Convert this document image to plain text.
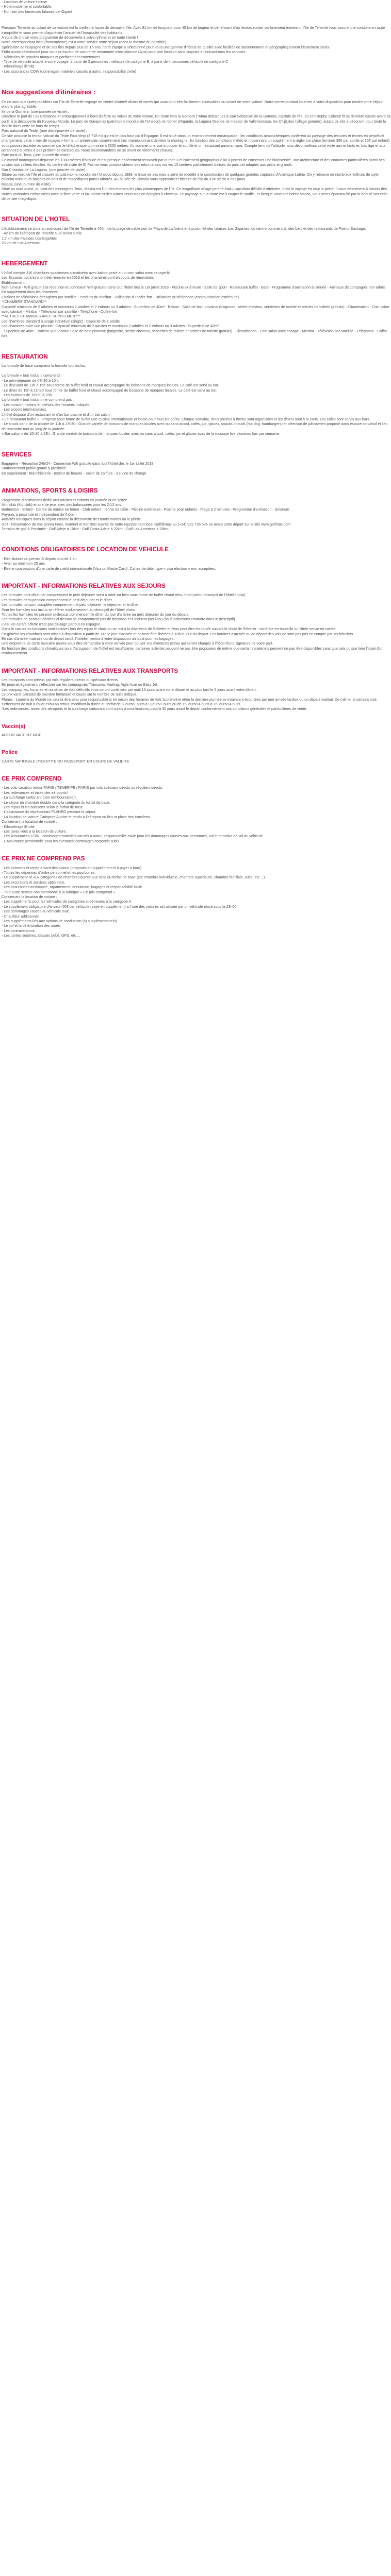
- Location de voiture incluse

- Hôtel moderne et confortable.

- Non loin des fameuses falaises del Gigant

Parcourir Tenerife au volant de sa voiture est la meilleure façon de découvrir l'île. Avec 81 km de longueur pour 45 km de largeur et bénéficiant d'un réseau routier parfaitement entretenu, l'île de Tenerife vous assure une conduite en toute tranquillité et vous permet d'apprécier l'accueil et l'hospitalité des habitants.

A vous de choisir votre programme de découverte à votre rythme et en toute liberté !

Notre correspondant local (francophone) est à votre service votre séjour (dans la mesure du possible).

Spécialiste de l'Espagne et de ses îles depuis plus de 15 ans, notre équipe a sélectionné pour vous une gamme d'hôtels de qualité avec facilités de stationnement et géographiquement idéalement situés.

Enfin avons sélectionné pour vous un loueur de voiture de renommée internationale (Avis) pour une location sans surprise et incluant tous les services :

- Véhicules de grandes marques et parfaitement entretenues

- Type de véhicule adapté à votre voyage: à partir de 3 personnes : véhicule de catégorie B, à partir de 4 personnes véhicule de catégorie C

- Kilométrage illimité

- Les assurances CDW (dommages matériels causés à autrui, responsabilité civile)

Nos suggestions d'itinéraires :

Ce ne sont que quelques idées car l'île de Tenerife regorge de centre d'intérêt divers et variés qui vous sont très facilement accessibles au volant de votre voiture. Notre correspondant local est à votre disposition pour rendre votre séjour encore plus agréable.

Ile de la Gomera, (une journée de visite) :

Direction le port de Los Cristianos et embarquement à bord du ferry ou volant de votre voiture. En route vers la Gomera ("Ahuu débarquez à San Sebastian de la Gomera, capitale de l'île, où Christophe Colomb fit sa dernière escale avant de partir à la découverte du Nouveau Monde. Le parc de Garajonay (patrimoine mondial de l'Unesco), le rocher d'Agando, la Laguna Grande, le mirador de Vallehermoso, les Chijitijitos (village gomero), autant de site à découvrir pour toute la famille dans cette île hors du temps.

Parc national du Teide, (une demi-journée de visite) :

Ce site propose la terrain volcan du Teide Pico Viejo (3 718 m) qui est le plus haut pic d'Espagne. Il est situé dans un environnement remarquable : les conditions atmosphériques confèrent au paysage des textures et teintes en perpétuel changement, cette « mer de nuages » forme un arrière-plan visuellement très impressionnant derrière la montagne. En fonction des conditions météo et moyennant un supplément à régler sur place (environ 30€ par adulte et 15€ par enfant), vous pouvez accéder au sommet par le téléphérique qui monte à 3600 mètres. Au sommet une vue à couper le souffle et un restaurant panoramique. Compte tenu de l'altitude nous déconseillons cette visite aux enfants en bas âge et aux personnes sujettes à des problèmes cardiaques. Nous recommandons de se munir de vêtements chauds.

Parc rural du Teno, (une journée de visite) :

Ce massif montagneux dépasse les 1300 mètres d'altitude et est presque entièrement recouvert par la mer. Cet isolement géographique lui a permis de conserver une biodiversité, une architecture et des coutumes particulières parmi ses voisins aux vallées étroites. Au centre de visite de El Palmar vous pourrez obtenir des informations sur les 13 sentiers parfaitement balisés du parc cet adaptés aux petits et grands.

San Cristobal de La Laguna, (une journée de visite) :

Située au nord de l'île et classée au patrimoine mondial de l'Unesco depuis 1999, le tracé de ses rues a servi de modèle à la construction de quelques grandes capitales d'Amérique Latine. On y retrouve de nombreux édifices de style colonial avec leurs balcons en bois et de magnifiques patios arborés. Au Musée de Historia vous apprendrez l'histoire de l'île du XVe siècle à nos jours.

Masca, (une journée de visite) :

Situé au nord ouest, au pied des montagnes Teno, Masca est l'un des endroits les plus pittoresques de l'île. Ce magnifique village perché était jusqu'alors difficile à atteindre, mais le voyage en vaut la peine. Il vous emmènera à travers des routes profondes embrassées avec la flore verte et luxuriante et des ruines sinueuses en épingles à cheveux. Le paysage sur la route est à couper le souffle, et lorsque vous atteindrez Masca, vous serez époustouflé par la beauté naturelle de ce site magnifique.

SITUATION DE L'HOTEL

L'établissement se situe au sud-ouest de l'île de Tenerife à 400m de la plage de sable noir de Playa de La Arena et à proximité des falaises Los Gigantes, du centre commercial, des bars et des restaurants de Puerto Santiago.

- 42 km de l'aéroport de Tenerife Sud Reina Sofia

1,2 km des Falaises Los Gigantes

25 km de Los Americas

HEBERGEMENT

L'hôtel compte 316 chambres spacieuses climatisées avec balcon privé et un coin salon avec canapé-lit.

Les Espaces communs ont été rénovés en 2018 et les chambres sont en cours de rénovation.

Etablissement :

Non-fumeur - Wifi gratuit à la réception et connexion Wifi gratuite dans tout l'hôtel dès le 1er juillet 2018 - Piscine extérieure - Salle de sport - Restaurant buffet - Bars - Programme d'animation à l'année - Animaux de compagnie non admis

En supplément dans les chambres :

Chaînes de télévisions étrangères par satellite - Produits du minibar - Utilisation du coffre-fort - Utilisation du téléphone (communication extérieure)

**CHAMBRE STANDARD**

Capacité minimum de 2 adultes et maximum 2 adultes et 2 enfants ou 3 adultes - Superficie de 40m² - Balcon - Salle de bain privative (baignoire, sèche-cheveux, serviettes de toilette et articles de toilette gratuits) - Climatisation - Coin salon avec canapé - Minibar - Télévision par satellite - Téléphone - Coffre-fort

**AUTRES CHAMBRES AVEC SUPPLEMENT**

Les chambres standard à usage individuel (single) : Capacité de 1 adulte

Les chambres avec vue piscine : Capacité minimum de 2 adultes et maximum 2 adultes et 2 enfants ou 3 adultes - Superficie de 40m²

- Superficie de 40m² - Balcon Vue Piscine Salle de bain privative (baignoire, sèche-cheveux, serviettes de toilette et articles de toilette gratuits) - Climatisation - Coin salon avec canapé - Minibar - Télévision par satellite - Téléphone - Coffre-fort

RESTAURATION

La formule de base comprend la formule tout inclus.

La formule « tout inclus » comprend :

- Le petit-déjeuner de 07h30 à 10h.

- Le déjeuner de 13h à 15h sous forme de buffet froid et chaud accompagné de boissons de marques locales. Le café est servi au bar.

- Le dîner de 19h à 21h30 sous forme de buffet froid et chaud accompagné de boissons de marques locales. Le café est servi au bar.

- Les boissons de 10h30 à 23h.

La formule « tout inclus » ne comprend pas :

- Les consommations en dehors des horaires indiqués.

- Les alcools internationaux.

L'hôtel dispose d'un restaurant et d'un bar piscine et d'un bar salon :

« Le restaurant buffet » : Propose sous forme de buffet une cuisine internationale et locale pour tous les goûts. Chaque semaine, deux soirées à thème sont organisées et les dîners sont à la carte. Les cafés sont servis aux bars.

- Le snack bar « de la piscine de 11h à 17h30 : Grande variété de boissons de marques locales avec ou sans alcool, cafés, jus, glaces, snacks chauds (hot dog, hamburgers) et sélection de pâtisseries proposé dans espace convivial et lieu de rencontre tout au long de la journée.

« Bar salon » de 10h30 à 23h : Grande variété de boissons de marques locales avec ou sans alcool, cafés, jus et glaces avec de la musique live plusieurs fois par semaine.

SERVICES

Bagagerie - Réception 24h/24 - Connexion Wifi gratuite dans tout l'hôtel dès le 1er juillet 2018.

Stationnement public gratuit à proximité.

En supplément : Blanchisserie - Institut de beauté - Salon de coiffure - Service de change

ANIMATIONS, SPORTS & LOISIRS

Programme d'animations dédié aux adultes et enfants en journée et en soirée.

Mini club (Kid club) et aire de jeux avec des balançoires pour les 2-12 ans.

Badminton - Billard - Centre de remise en forme - Club enfant - tennis de table - Piscine extérieure - Piscine pour enfants - Plage à 2 minutes - Programme d'animation - Solarium

Payants à proximité et indépendant de l'hôtel :

Activités nautiques dans la région comme la découverte des fonds marins ou la pêche.

Golf : Réservation de vos Green Fees, matériel et transfert auprès de notre représentant local Golf@mas au (+34) 922 735 695 ou avant votre départ sur le site www.golfmas.com

Terrains de golf à Proximité : Golf Adeje à 10km - Golf Costa Adeje à 22km - Golf Las Americas à 28km

CONDITIONS OBLIGATOIRES DE LOCATION DE VEHICULE

- Etre titulaire du permis B depuis plus de 1 an.

- Avoir au minimum 25 ans.

- Etre en possession d'une carte de crédit internationale (Visa ou MasterCard). Cartes de débit type « visa électron » non acceptées.

IMPORTANT - INFORMATIONS RELATIVES AUX SEJOURS

Les formules petit déjeuner comprennent le petit déjeuner servi à table ou bien sous forme de buffet chaud et/ou froid (selon descriptif de l'hôtel choisi).

Les formules demi pension comprennent le petit déjeuner et le dîner.

Les formules pension complète comprennent le petit déjeuner, le déjeuner et le dîner.

Pour les formules tout inclus se référer exclusivement au descriptif de l'hôtel choisi.

Toutes les formules de pension ci-dessus commencent le dîner du jour d'arrivée au petit déjeuner du jour du départ.

Les formules de pension décrites ci-dessus ne comprennent pas de boissons et il incluent pas l'eau (sauf indications contraire dans le descriptif).

L'eau en carafe offerte n'est pas d'usage partout en Espagne.

Dans le cas où les boissons sont incluses lors des repas le choix du vin est à la discrétion de l'hôtelier et l'eau peut être en carafe suivant le choix de l'hôtelier ; minérale en bouteille ou filtrée servie en carafe.

En général les chambres sont mises à disposition à partir de 14h le jour d'arrivée et doivent être libérées à 10h le jour du départ. Les horaires d'arrivée ou de départ des vols ne sont pas pris en compte par les hôteliers.

En cas d'arrivée matinale ou de départ tardif, l'hôtelier mettra à votre disposition un local pour les bagages.

Une empreinte de carte bancaire pourra vous être demandée à votre arrivée pour couvrir vos éventuels extras qui seront chargés à l'hôtel d'une signature de votre part.

En fonction des conditions climatiques ou si l'occupation de l'hôtel est insuffisante, certaines activités peuvent ne pas être proposées de même que certains matériels peuvent ne pas être disponibles sans que cela puisse faire l'objet d'un remboursement.

IMPORTANT - INFORMATIONS RELATIVES AUX TRANSPORTS

Les transports sont prévus par vols réguliers directs ou spéciaux directs.

En pourrait également s'effectuer sur les compagnies Transavia, Vueling, Aigle Azur ou Easy Jet.

Les compagnies, horaires et numéros de vols définitifs vous seront confirmés par mail 15 jours avant votre départ et au plus tard le 5 jours avant votre départ.

Le prix varie calculés de manière forfaitaire et basés sur le nombre de nuits indiqué.

Planes : Lumière du Monde ne saurait être tenu pour responsable si en raison des horaires de vols la première et/ou la dernière journée se trouvaient écourtées par une arrivée tardive ou un départ matinal. De même, si certains vols s'effectuent de nuit à l'aller et/ou au retour, modifiant la durée du forfait de 8 jours/7 nuits à 9 jours/7 nuits ou de 15 jours/14 nuits à 16 jours/14 nuits.

*Les redevances, taxes des aéroports et la surcharge carburant sont sujets à modifications jusqu'à 30 jours avant le départ conformément aux conditions générales et particulières de vente.

Vaccin(s)

AUCUN VACCIN EXIGE

Police

CARTE NATIONALE D'IDENTITE OU PASSEPORT EN COURS DE VALIDITE

CE PRIX COMPREND

- Les vols vacation retour PARIS / TENERIFE / PARIS par vols spéciaux directs ou réguliers directs.

- Les redevances et taxes des aéroports*.

- La surcharge carburant (non remboursable)*.

- Le séjour en chambre double dans la catégorie du forfait de base.

- Les repas et les boissons selon le forfait de base.

- L'assistance du représentant FLANEO pendant le séjour.

- La location de voiture Catégorie A prise et rendu à l'aéroport ou lieu et place des transferts.

Concernant la location de voiture :

- Kilométrage illimité.

- Les taxes liées à la location de voiture.

- Les Assurances CDW : dommages matériels causés à autrui, responsabilité civile pour les dommages causés aux personnes, vol et tentative de vol du véhicule.

- L'Assurance personnelle pour les éventuels dommages corporels subis.

CE PRIX NE COMPREND PAS

- Les boissons et repas à bord des avions (proposés en supplément et à payer à bord).

- Toutes les dépenses d'ordre personnel et les pourboires.

- Le supplément lié aux catégories de chambres autres que celle du forfait de base (Ex: chambre individuelle, chambre supérieure, chambre familiale, suite, etc ...).

- Les excursions et services optionnels.

- Les assurances assistance, rapatriement, annulation, bagages et responsabilité civile.

- Tout autre service non mentionné à la rubrique « Ce prix comprend ».

Concernant la location de voiture :

- Les suppléments pour les véhicules de catégories supérieures à la catégorie A.

- Le supplément obligatoire d'environ 50€ par véhicule (payé en supplément) si l'une des voitures est utilisée par un véhicule placé sous la 23h00.

- Les dommages causés au véhicule loué.

- Chauffeur additionnel.

- Les suppléments liés aux options de conduction (s) supplémentaire(s).

- Le vol et la détérioration des roues.

- Les contraventions.

- Les cartes routières, classes bébé, GPS, etc ...
